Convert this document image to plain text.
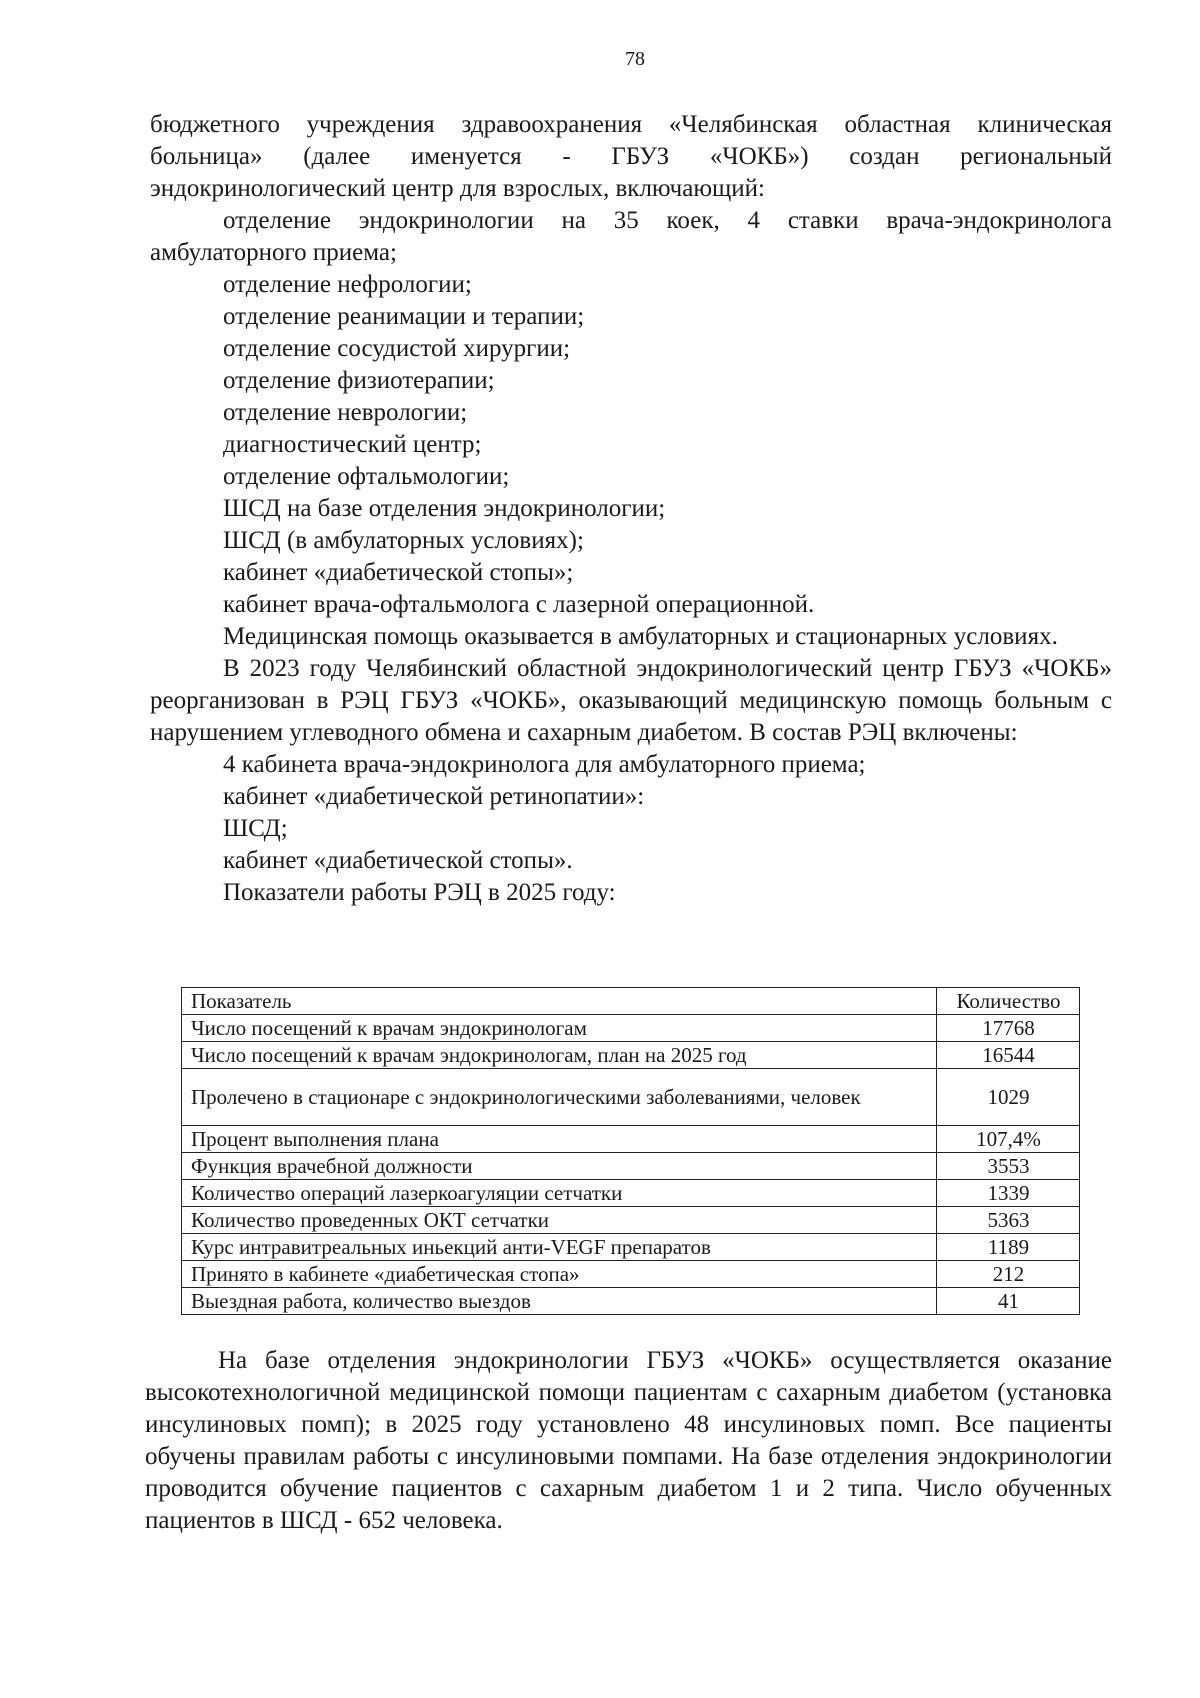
78

бюджетного учреждения здравоохранения «Челябинская областная клиническая больница» (далее именуется - ГБУЗ «ЧОКБ») создан региональный эндокринологический центр для взрослых, включающий:

отделение эндокринологии на 35 коек, 4 ставки врача-эндокринолога амбулаторного приема;

отделение нефрологии;

отделение реанимации и терапии;

отделение сосудистой хирургии;

отделение физиотерапии;

отделение неврологии;

диагностический центр;

отделение офтальмологии;

ШСД на базе отделения эндокринологии;

ШСД (в амбулаторных условиях);

кабинет «диабетической стопы»;

кабинет врача-офтальмолога с лазерной операционной.

Медицинская помощь оказывается в амбулаторных и стационарных условиях.

В 2023 году Челябинский областной эндокринологический центр ГБУЗ «ЧОКБ» реорганизован в РЭЦ ГБУЗ «ЧОКБ», оказывающий медицинскую помощь больным с нарушением углеводного обмена и сахарным диабетом. В состав РЭЦ включены:

4 кабинета врача-эндокринолога для амбулаторного приема;

кабинет «диабетической ретинопатии»:

ШСД;

кабинет «диабетической стопы».

Показатели работы РЭЦ в 2025 году:

Показатель	Количество
Число посещений к врачам эндокринологам	17768
Число посещений к врачам эндокринологам, план на 2025 год	16544
Пролечено в стационаре с эндокринологическими заболеваниями, человек	1029
Процент выполнения плана	107,4%
Функция врачебной должности	3553
Количество операций лазеркоагуляции сетчатки	1339
Количество проведенных ОКТ сетчатки	5363
Курс интравитреальных иньекций анти-VEGF препаратов	1189
Принято в кабинете «диабетическая стопа»	212
Выездная работа, количество выездов	41

На базе отделения эндокринологии ГБУЗ «ЧОКБ» осуществляется оказание высокотехнологичной медицинской помощи пациентам с сахарным диабетом (установка инсулиновых помп); в 2025 году установлено 48 инсулиновых помп. Все пациенты обучены правилам работы с инсулиновыми помпами. На базе отделения эндокринологии проводится обучение пациентов с сахарным диабетом 1 и 2 типа. Число обученных пациентов в ШСД - 652 человека.
